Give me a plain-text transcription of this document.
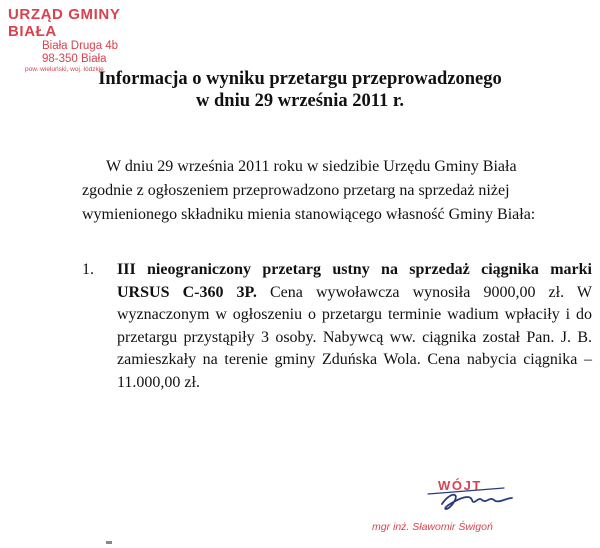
URZĄD GMINY BIAŁA
Biała Druga 4b
98-350 Biała
pow. wieluński, woj. łódzkie
Informacja o wyniku przetargu przeprowadzonego
w dniu 29 września 2011 r.
W dniu 29 września 2011 roku w siedzibie Urzędu Gminy Biała
zgodnie z ogłoszeniem przeprowadzono przetarg na sprzedaż niżej
wymienionego składniku mienia stanowiącego własność Gminy Biała:
1. III nieograniczony przetarg ustny na sprzedaż ciągnika marki URSUS C-360 3P. Cena wywoławcza wynosiła 9000,00 zł. W wyznaczonym w ogłoszeniu o przetargu terminie wadium wpłaciły i do przetargu przystąpiły 3 osoby. Nabywcą ww. ciągnika został Pan. J. B. zamieszkały na terenie gminy Zduńska Wola. Cena nabycia ciągnika – 11.000,00 zł.
WÓJT
mgr inż. Sławomir Świgoń
